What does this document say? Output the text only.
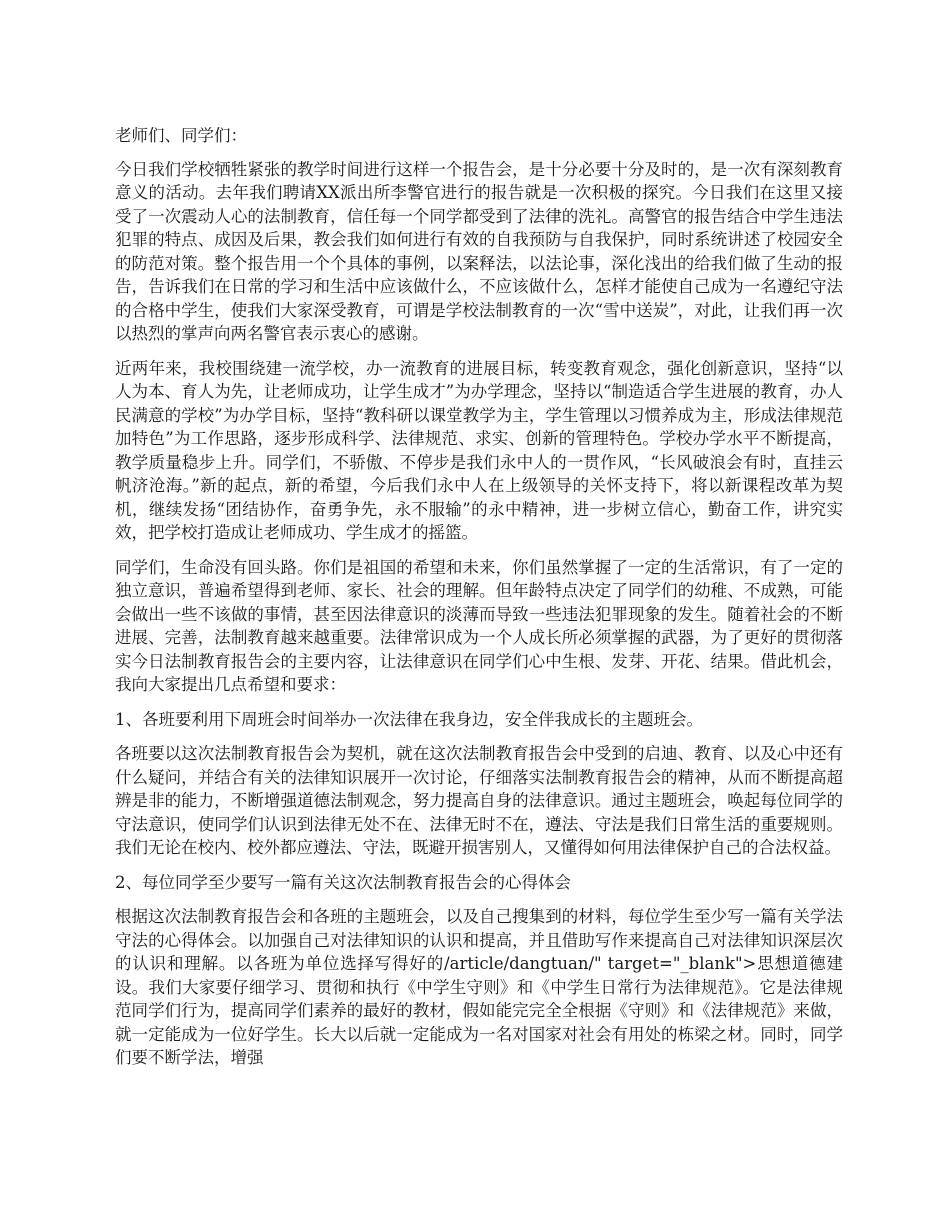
老师们、同学们：

今日我们学校牺牲紧张的教学时间进行这样一个报告会，是十分必要十分及时的，是一次有深刻教育意义的活动。去年我们聘请XX派出所李警官进行的报告就是一次积极的探究。今日我们在这里又接受了一次震动人心的法制教育，信任每一个同学都受到了法律的洗礼。高警官的报告结合中学生违法犯罪的特点、成因及后果，教会我们如何进行有效的自我预防与自我保护，同时系统讲述了校园安全的防范对策。整个报告用一个个具体的事例，以案释法，以法论事，深化浅出的给我们做了生动的报告，告诉我们在日常的学习和生活中应该做什么，不应该做什么，怎样才能使自己成为一名遵纪守法的合格中学生，使我们大家深受教育，可谓是学校法制教育的一次“雪中送炭”，对此，让我们再一次以热烈的掌声向两名警官表示衷心的感谢。

近两年来，我校围绕建一流学校，办一流教育的进展目标，转变教育观念，强化创新意识，坚持“以人为本、育人为先，让老师成功，让学生成才”为办学理念，坚持以“制造适合学生进展的教育，办人民满意的学校”为办学目标，坚持“教科研以课堂教学为主，学生管理以习惯养成为主，形成法律规范加特色”为工作思路，逐步形成科学、法律规范、求实、创新的管理特色。学校办学水平不断提高，教学质量稳步上升。同学们，不骄傲、不停步是我们永中人的一贯作风，“长风破浪会有时，直挂云帆济沧海。”新的起点，新的希望，今后我们永中人在上级领导的关怀支持下，将以新课程改革为契机，继续发扬“团结协作，奋勇争先，永不服输”的永中精神，进一步树立信心，勤奋工作，讲究实效，把学校打造成让老师成功、学生成才的摇篮。

同学们，生命没有回头路。你们是祖国的希望和未来，你们虽然掌握了一定的生活常识，有了一定的独立意识，普遍希望得到老师、家长、社会的理解。但年龄特点决定了同学们的幼稚、不成熟，可能会做出一些不该做的事情，甚至因法律意识的淡薄而导致一些违法犯罪现象的发生。随着社会的不断进展、完善，法制教育越来越重要。法律常识成为一个人成长所必须掌握的武器，为了更好的贯彻落实今日法制教育报告会的主要内容，让法律意识在同学们心中生根、发芽、开花、结果。借此机会，我向大家提出几点希望和要求：

1、各班要利用下周班会时间举办一次法律在我身边，安全伴我成长的主题班会。

各班要以这次法制教育报告会为契机，就在这次法制教育报告会中受到的启迪、教育、以及心中还有什么疑问，并结合有关的法律知识展开一次讨论，仔细落实法制教育报告会的精神，从而不断提高超辨是非的能力，不断增强道德法制观念，努力提高自身的法律意识。通过主题班会，唤起每位同学的守法意识，使同学们认识到法律无处不在、法律无时不在，遵法、守法是我们日常生活的重要规则。我们无论在校内、校外都应遵法、守法，既避开损害别人，又懂得如何用法律保护自己的合法权益。

2、每位同学至少要写一篇有关这次法制教育报告会的心得体会

根据这次法制教育报告会和各班的主题班会，以及自己搜集到的材料，每位学生至少写一篇有关学法守法的心得体会。以加强自己对法律知识的认识和提高，并且借助写作来提高自己对法律知识深层次的认识和理解。以各班为单位选择写得好的/article/dangtuan/" target="_blank">思想道德建设。我们大家要仔细学习、贯彻和执行《中学生守则》和《中学生日常行为法律规范》。它是法律规范同学们行为，提高同学们素养的最好的教材，假如能完完全全根据《守则》和《法律规范》来做，就一定能成为一位好学生。长大以后就一定能成为一名对国家对社会有用处的栋梁之材。同时，同学们要不断学法，增强
